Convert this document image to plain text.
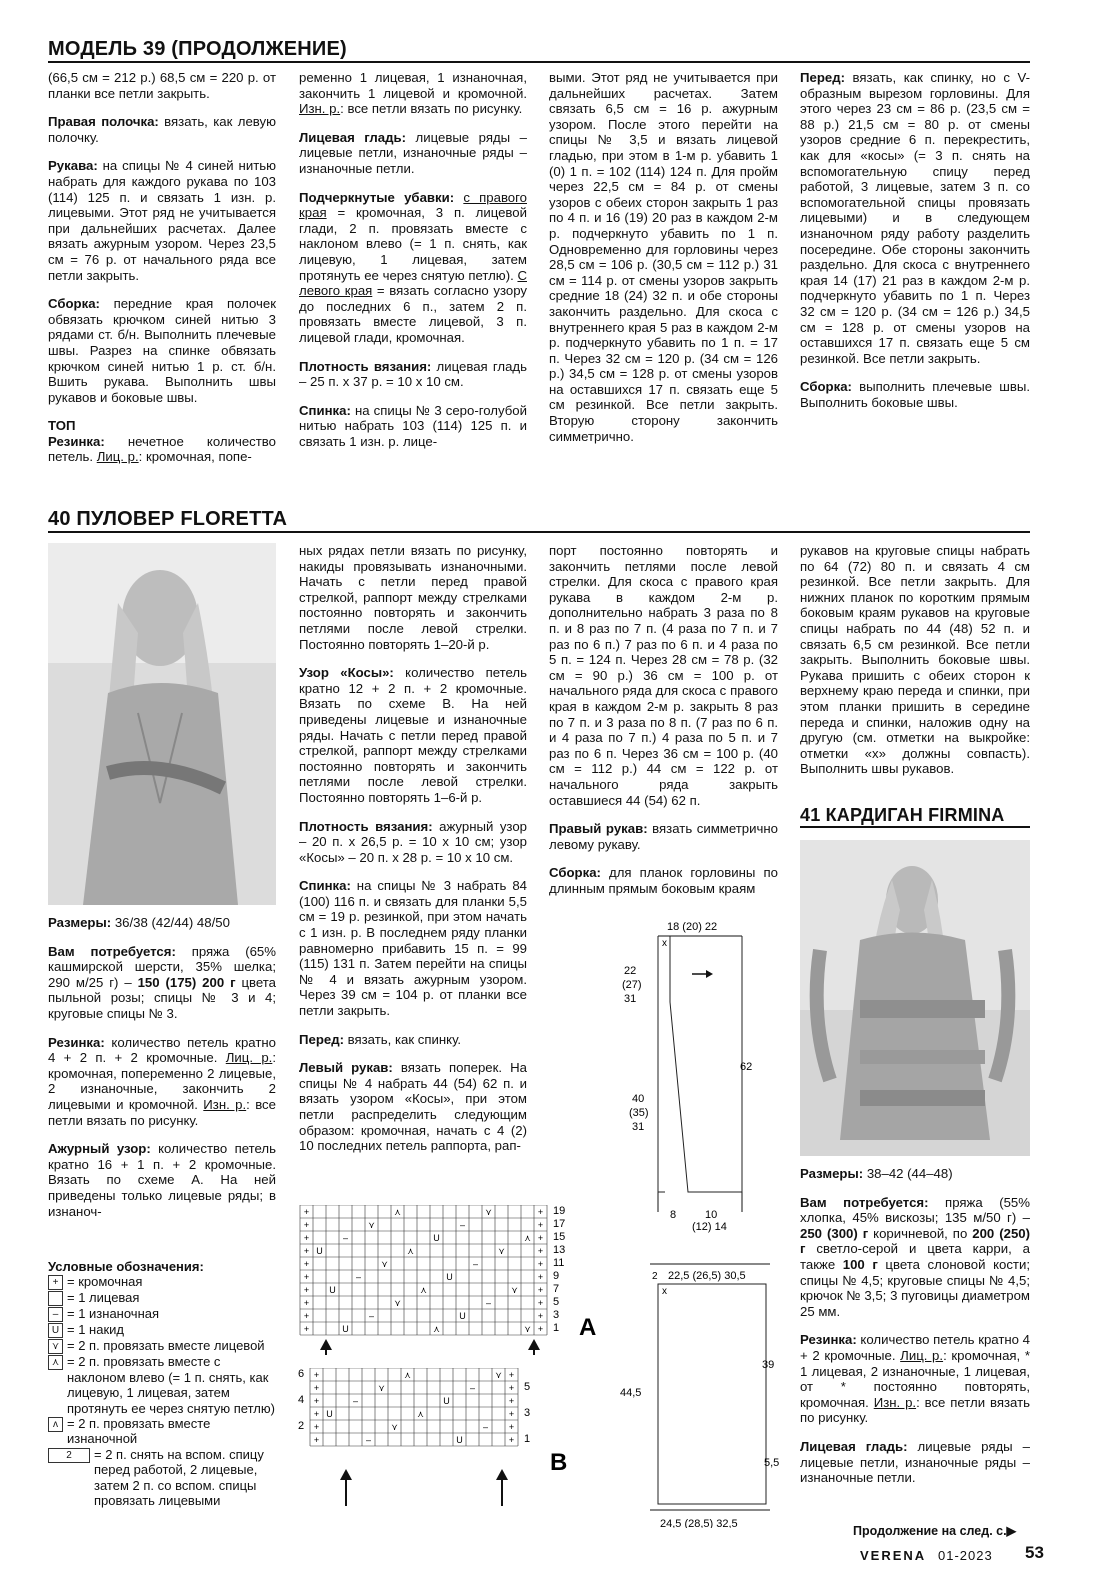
МОДЕЛЬ 39 (ПРОДОЛЖЕНИЕ)

(66,5 см = 212 р.) 68,5 см = 220 р. от планки все петли закрыть.

Правая полочка: вязать, как левую полочку.

Рукава: на спицы № 4 синей нитью набрать для каждого рукава по 103 (114) 125 п. и связать 1 изн. р. лицевыми. Этот ряд не учитывается при дальнейших расчетах. Далее вязать ажурным узором. Через 23,5 см = 76 р. от начального ряда все петли закрыть.

Сборка: передние края полочек обвязать крючком синей нитью 3 рядами ст. б/н. Выполнить плечевые швы. Разрез на спинке обвязать крючком синей нитью 1 р. ст. б/н. Вшить рукава. Выполнить швы рукавов и боковые швы.

ТОП
Резинка: нечетное количество петель. Лиц. р.: кромочная, попе-

ременно 1 лицевая, 1 изнаночная, закончить 1 лицевой и кромочной. Изн. р.: все петли вязать по рисунку.

Лицевая гладь: лицевые ряды – лицевые петли, изнаночные ряды – изнаночные петли.

Подчеркнутые убавки: с правого края = кромочная, 3 п. лицевой глади, 2 п. провязать вместе с наклоном влево (= 1 п. снять, как лицевую, 1 лицевая, затем протянуть ее через снятую петлю). С левого края = вязать согласно узору до последних 6 п., затем 2 п. провязать вместе лицевой, 3 п. лицевой глади, кромочная.

Плотность вязания: лицевая гладь – 25 п. х 37 р. = 10 х 10 см.

Спинка: на спицы № 3 серо-голубой нитью набрать 103 (114) 125 п. и связать 1 изн. р. лице-

выми. Этот ряд не учитывается при дальнейших расчетах. Затем связать 6,5 см = 16 р. ажурным узором. После этого перейти на спицы № 3,5 и вязать лицевой гладью, при этом в 1-м р. убавить 1 (0) 1 п. = 102 (114) 124 п. Для пройм через 22,5 см = 84 р. от смены узоров с обеих сторон закрыть 1 раз по 4 п. и 16 (19) 20 раз в каждом 2-м р. подчеркнуто убавить по 1 п. Одновременно для горловины через 28,5 см = 106 р. (30,5 см = 112 р.) 31 см = 114 р. от смены узоров закрыть средние 18 (24) 32 п. и обе стороны закончить раздельно. Для скоса с внутреннего края 5 раз в каждом 2-м р. подчеркнуто убавить по 1 п. = 17 п. Через 32 см = 120 р. (34 см = 126 р.) 34,5 см = 128 р. от смены узоров на оставшихся 17 п. связать еще 5 см резинкой. Все петли закрыть. Вторую сторону закончить симметрично.

Перед: вязать, как спинку, но с V-образным вырезом горловины. Для этого через 23 см = 86 р. (23,5 см = 88 р.) 21,5 см = 80 р. от смены узоров средние 6 п. перекрестить, как для «косы» (= 3 п. снять на вспомогательную спицу перед работой, 3 лицевые, затем 3 п. со вспомогательной спицы провязать лицевыми) и в следующем изнаночном ряду работу разделить посередине. Обе стороны закончить раздельно. Для скоса с внутреннего края 14 (17) 21 раз в каждом 2-м р. подчеркнуто убавить по 1 п. Через 32 см = 120 р. (34 см = 126 р.) 34,5 см = 128 р. от смены узоров на оставшихся 17 п. связать еще 5 см резинкой. Все петли закрыть.

Сборка: выполнить плечевые швы. Выполнить боковые швы.

40 ПУЛОВЕР FLORETTA

Размеры: 36/38 (42/44) 48/50

Вам потребуется: пряжа (65% кашмирской шерсти, 35% шелка; 290 м/25 г) – 150 (175) 200 г цвета пыльной розы; спицы № 3 и 4; круговые спицы № 3.

Резинка: количество петель кратно 4 + 2 п. + 2 кромочные. Лиц. р.: кромочная, попеременно 2 лицевые, 2 изнаночные, закончить 2 лицевыми и кромочной. Изн. р.: все петли вязать по рисунку.

Ажурный узор: количество петель кратно 16 + 1 п. + 2 кромочные. Вязать по схеме А. На ней приведены только лицевые ряды; в изнаноч-

Условные обозначения:
+ = кромочная
= 1 лицевая
– = 1 изнаночная
U = 1 накид
⋎ = 2 п. провязать вместе лицевой
⋏ = 2 п. провязать вместе с наклоном влево (= 1 п. снять, как лицевую, 1 лицевая, затем протянуть ее через снятую петлю)
ʌ = 2 п. провязать вместе изнаночной
2	= 2 п. снять на вспом. спицу перед работой, 2 лицевые, затем 2 п. со вспом. спицы провязать лицевыми

ных рядах петли вязать по рисунку, накиды провязывать изнаночными. Начать с петли перед правой стрелкой, раппорт между стрелками постоянно повторять и закончить петлями после левой стрелки. Постоянно повторять 1–20-й р.

Узор «Косы»: количество петель кратно 12 + 2 п. + 2 кромочные. Вязать по схеме В. На ней приведены лицевые и изнаночные ряды. Начать с петли перед правой стрелкой, раппорт между стрелками постоянно повторять и закончить петлями после левой стрелки. Постоянно повторять 1–6-й р.

Плотность вязания: ажурный узор – 20 п. х 26,5 р. = 10 х 10 см; узор «Косы» – 20 п. х 28 р. = 10 х 10 см.

Спинка: на спицы № 3 набрать 84 (100) 116 п. и связать для планки 5,5 см = 19 р. резинкой, при этом начать с 1 изн. р. В последнем ряду планки равномерно прибавить 15 п. = 99 (115) 131 п. Затем перейти на спицы № 4 и вязать ажурным узором. Через 39 см = 104 р. от планки все петли закрыть.

Перед: вязать, как спинку.

Левый рукав: вязать поперек. На спицы № 4 набрать 44 (54) 62 п. и вязать узором «Косы», при этом петли распределить следующим образом: кромочная, начать с 4 (2) 10 последних петель раппорта, рап-

порт постоянно повторять и закончить петлями после левой стрелки. Для скоса с правого края рукава в каждом 2-м р. дополнительно набрать 3 раза по 8 п. и 8 раз по 7 п. (4 раза по 7 п. и 7 раз по 6 п.) 7 раз по 6 п. и 4 раза по 5 п. = 124 п. Через 28 см = 78 р. (32 см = 90 р.) 36 см = 100 р. от начального ряда для скоса с правого края в каждом 2-м р. закрыть 8 раз по 7 п. и 3 раза по 8 п. (7 раз по 6 п. и 4 раза по 7 п.) 4 раза по 5 п. и 7 раз по 6 п. Через 36 см = 100 р. (40 см = 112 р.) 44 см = 122 р. от начального ряда закрыть оставшиеся 44 (54) 62 п.

Правый рукав: вязать симметрично левому рукаву.

Сборка: для планок горловины по длинным прямым боковым краям

рукавов на круговые спицы набрать по 64 (72) 80 п. и связать 4 см резинкой. Все петли закрыть. Для нижних планок по коротким прямым боковым краям рукавов на круговые спицы набрать по 44 (48) 52 п. и связать 6,5 см резинкой. Все петли закрыть. Выполнить боковые швы. Рукава пришить с обеих сторон к верхнему краю переда и спинки, при этом планки пришить в середине переда и спинки, наложив одну на другую (см. отметки на выкройке: отметки «х» должны совпасть). Выполнить швы рукавов.

+	⋏	⋎	+
+	⋎	–	+
+	–	U	⋏ +
+ U	⋏	⋎	+
+	⋎	–	+
+	–	U	+
+ U	⋏	⋎ +
+	⋎	–	+
+	–	U	+
+	U	⋏	⋎ +
19
17
15
13
11
9
7
5
3
1 A
+	⋏	⋎ +
+	⋎	–	+
+	–	U	+
+ U	⋏	+
+	⋎	– +
+	–	U	+
6
4
2
5
3
1
B
18 (20) 22
x
22
(27)
31
62
40
(35)
31
8	10
(12) 14
2 22,5 (26,5) 30,5
x
44,5
39
5,5
24,5 (28,5) 32,5
41 КАРДИГАН FIRMINA

Размеры: 38–42 (44–48)

Вам потребуется: пряжа (55% хлопка, 45% вискозы; 135 м/50 г) – 250 (300) г коричневой, по 200 (250) г светло-серой и цвета карри, а также 100 г цвета слоновой кости; спицы № 4,5; круговые спицы № 4,5; крючок № 3,5; 3 пуговицы диаметром 25 мм.

Резинка: количество петель кратно 4 + 2 кромочные. Лиц. р.: кромочная, * 1 лицевая, 2 изнаночные, 1 лицевая, от * постоянно повторять, кромочная. Изн. р.: все петли вязать по рисунку.

Лицевая гладь: лицевые ряды – лицевые петли, изнаночные ряды – изнаночные петли.

Продолжение на след. с.▶
VERENA 01-2023 53
